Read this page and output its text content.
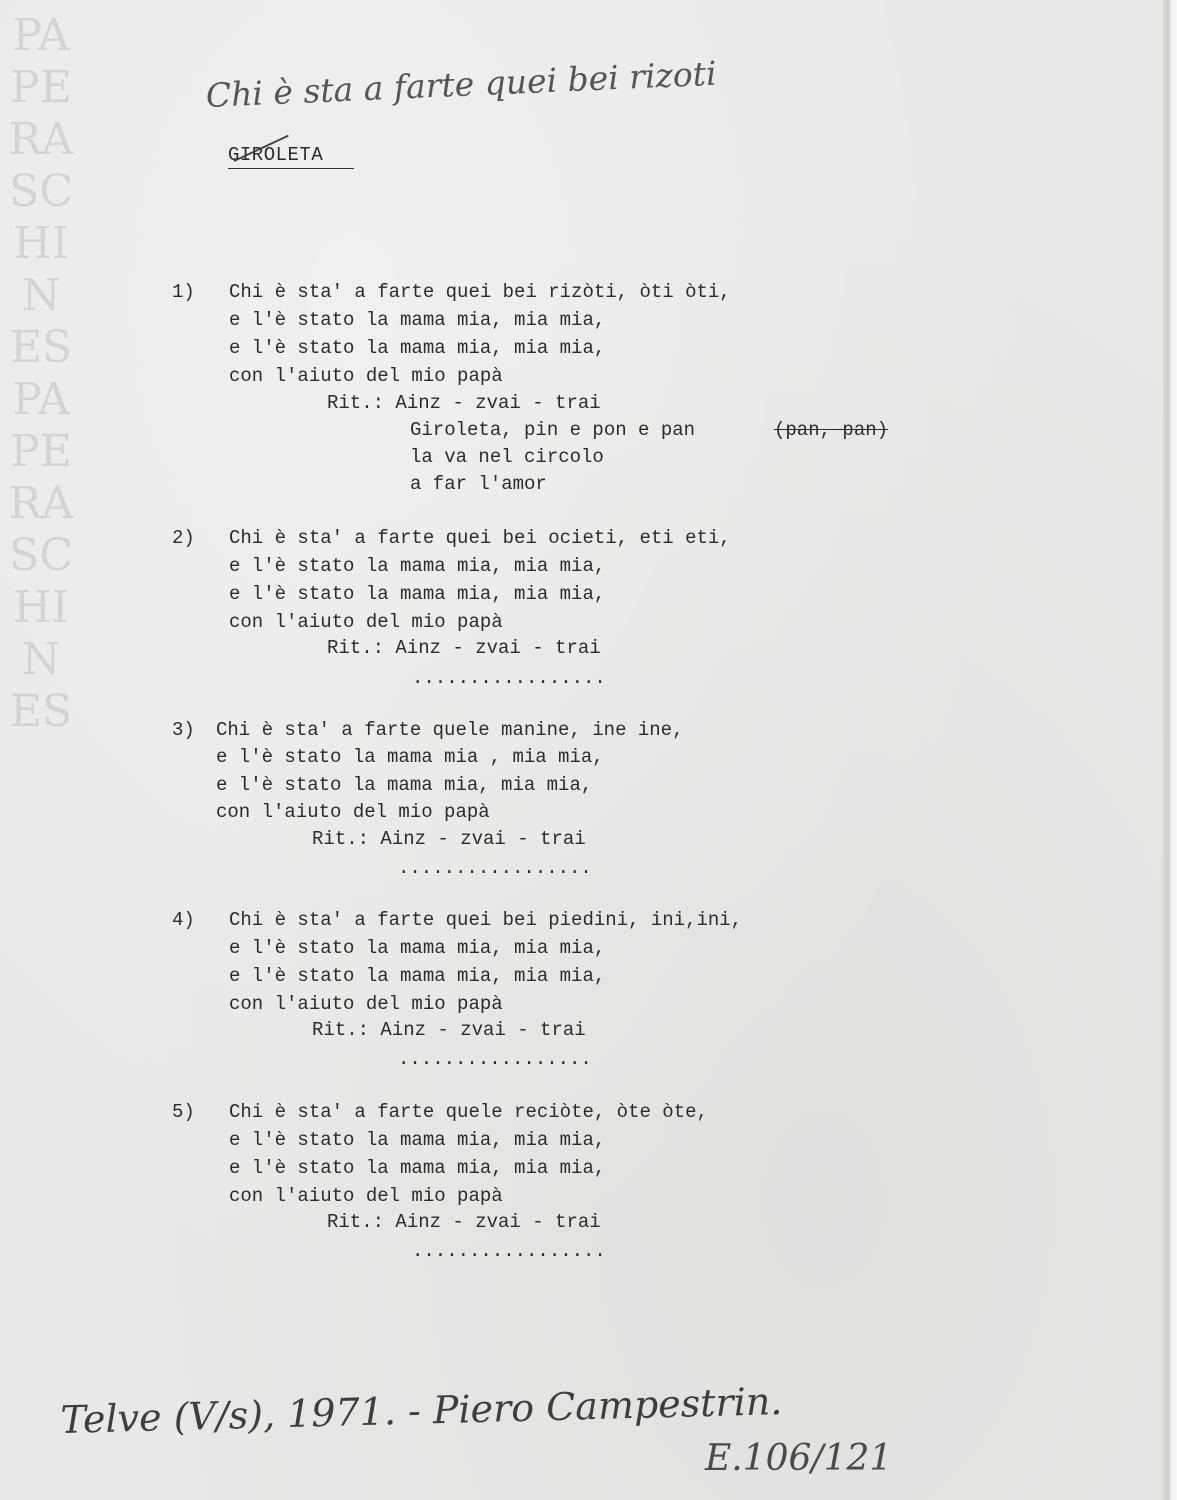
PAPERASCHINESPAPERASCHINES
Chi è sta a farte quei bei rizoti
GIROLETA
1) Chi è sta' a farte quei bei rizòti, òti òti,
e l'è stato la mama mia, mia mia,
e l'è stato la mama mia, mia mia,
con l'aiuto del mio papà
Rit.: Ainz - zvai - trai
Giroleta, pin e pon e pan	(pan, pan)
la va nel circolo
a far l'amor
2) Chi è sta' a farte quei bei ocieti, eti eti,
e l'è stato la mama mia, mia mia,
e l'è stato la mama mia, mia mia,
con l'aiuto del mio papà
Rit.: Ainz - zvai - trai
.................
3) Chi è sta' a farte quele manine, ine ine,
e l'è stato la mama mia , mia mia,
e l'è stato la mama mia, mia mia,
con l'aiuto del mio papà
Rit.: Ainz - zvai - trai
.................
4) Chi è sta' a farte quei bei piedini, ini,ini,
e l'è stato la mama mia, mia mia,
e l'è stato la mama mia, mia mia,
con l'aiuto del mio papà
Rit.: Ainz - zvai - trai
.................
5) Chi è sta' a farte quele reciòte, òte òte,
e l'è stato la mama mia, mia mia,
e l'è stato la mama mia, mia mia,
con l'aiuto del mio papà
Rit.: Ainz - zvai - trai
.................
Telve (V/s), 1971. - Piero Campestrin.
E.106/121
